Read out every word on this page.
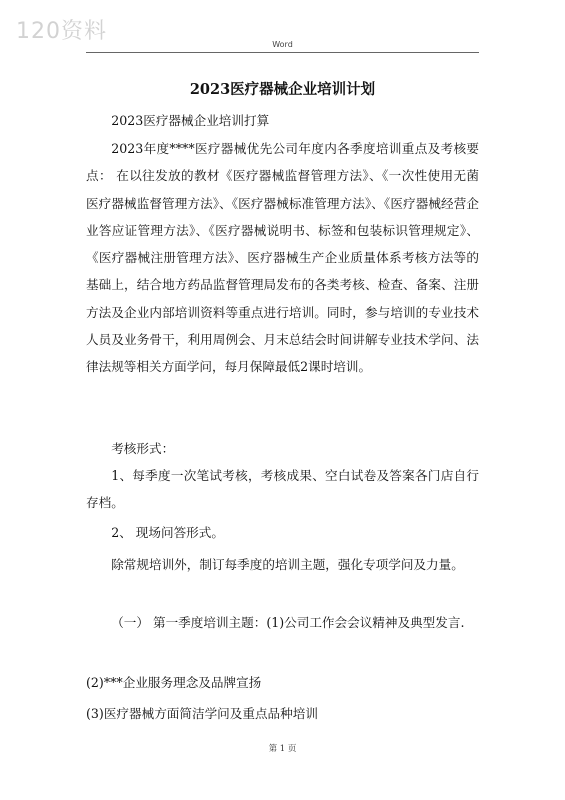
120资料
Word
2023医疗器械企业培训计划

2023医疗器械企业培训打算

2023年度****医疗器械优先公司年度内各季度培训重点及考核要点： 在以往发放的教材《医疗器械监督管理方法》、《一次性使用无菌医疗器械监督管理方法》、《医疗器械标准管理方法》、《医疗器械经营企业答应证管理方法》、《医疗器械说明书、标签和包装标识管理规定》、《医疗器械注册管理方法》、医疗器械生产企业质量体系考核方法等的基础上，结合地方药品监督管理局发布的各类考核、检查、备案、注册方法及企业内部培训资料等重点进行培训。同时，参与培训的专业技术人员及业务骨干，利用周例会、月末总结会时间讲解专业技术学问、法律法规等相关方面学问，每月保障最低2课时培训。

考核形式：

1、每季度一次笔试考核，考核成果、空白试卷及答案各门店自行存档。

2、 现场问答形式。

除常规培训外，制订每季度的培训主题，强化专项学问及力量。

（一） 第一季度培训主题：(1)公司工作会会议精神及典型发言.

(2)***企业服务理念及品牌宣扬

(3)医疗器械方面简洁学问及重点品种培训

第 1 页
